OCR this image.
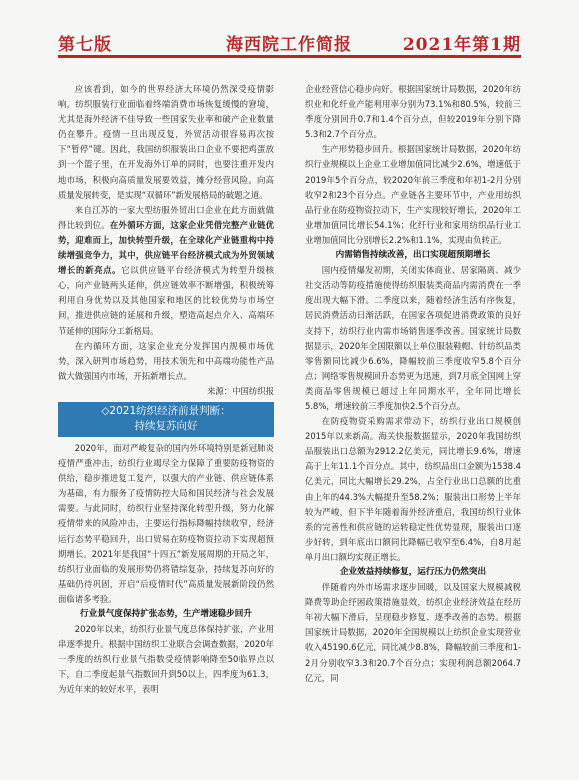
第七版	海西院工作简报	2021年第1期

应该看到，如今的世界经济大环境仍然深受疫情影响，纺织服装行业面临着终端消费市场恢复缓慢的窘境，尤其是海外经济不佳导致一些国家失业率和破产企业数量仍在攀升。疫情一旦出现反复，外贸活动很容易再次按下“暂停”键。因此，我国纺织服装出口企业不要把鸡蛋放到一个篮子里，在开发海外订单的同时，也要注重开发内地市场，积极向高质量发展要效益，摊分经营风险。向高质量发展转变，是实现“双循环”新发展格局的破题之道。

来自江苏的一家大型纺服外贸出口企业在此方面就做得比较到位。在外循环方面，这家企业凭借完整产业链优势，迎难而上，加快转型升级，在全球化产业链重构中持续增强竞争力，其中，供应链平台经济模式成为外贸领域增长的新亮点。它以供应链平台经济模式为转型升级核心，向产业链两头延伸，供应链效率不断增强，积极统筹利用自身优势以及其他国家和地区的比较优势与市场空间，推进供应链的延展和升级，塑造高起点介入、高端环节延伸的国际分工新格局。

在内循环方面，这家企业充分发挥国内规模市场优势，深入研判市场趋势，用技术领先和中高端功能性产品做大做强国内市场，开拓新增长点。

来源：中国纺织报

◇2021纺织经济前景判断：
持续复苏向好

2020年，面对严峻复杂的国内外环境特别是新冠肺炎疫情严重冲击，纺织行业竭尽全力保障了重要防疫物资的供给，稳步推进复工复产，以强大的产业链、供应链体系为基础，有力服务了疫情防控大局和国民经济与社会发展需要。与此同时，纺织行业坚持深化转型升级，努力化解疫情带来的风险冲击，主要运行指标降幅持续收窄，经济运行态势平稳回升，出口贸易在防疫物资拉动下实现超预期增长。2021年是我国“十四五”新发展周期的开局之年，纺织行业面临的发展形势仍将错综复杂，持续复苏向好的基础仍待巩固，开启“后疫情时代”高质量发展新阶段仍然面临诸多考验。

行业景气度保持扩张态势，生产增速稳步回升

2020年以来，纺织行业景气度总体保持扩张，产业用串逐季提升。根据中国纺织工业联合会调查数据，2020年一季度的纺织行业景气指数受疫情影响降至50临界点以下，自二季度起景气指数回升到50以上，四季度为61.3，为近年来的较好水平，表明

企业经营信心稳步向好。根据国家统计局数据，2020年纺织业和化纤业产能利用率分别为73.1%和80.5%，较前三季度分别回升0.7和1.4个百分点，但较2019年分别下降5.3和2.7个百分点。

生产形势稳步回升。根据国家统计局数据，2020年纺织行业规模以上企业工业增加值同比减少2.6%，增速低于2019年5个百分点，较2020年前三季度和年初1-2月分别收窄2和23个百分点。产业链各主要环节中，产业用纺织品行业在防疫物资拉动下，生产实现较好增长，2020年工业增加值同比增长54.1%；化纤行业和家用纺织品行业工业增加值同比分别增长2.2%和1.1%，实现由负转正。

内需销售持续改善，出口实现超预期增长

国内疫情爆发初期，关闭实体商业、居家隔离、减少社交活动等防疫措施使得纺织服装类商品内需消费在一季度出现大幅下滑。二季度以来，随着经济生活有序恢复，居民消费活动日渐活跃，在国家各项促进消费政策的良好支持下，纺织行业内需市场销售逐季改善。国家统计局数据显示，2020年全国限额以上单位服装鞋帽、针纺织品类零售额同比减少6.6%，降幅较前三季度收窄5.8个百分点；网络零售规模回升态势更为迅速，到7月底全国网上穿类商品零售规模已超过上年同期水平，全年同比增长5.8%，增速较前三季度加快2.5个百分点。

在防疫物资采购需求带动下，纺织行业出口规模创2015年以来新高。海关快报数据显示，2020年我国纺织品服装出口总额为2912.2亿美元，同比增长9.6%，增速高于上年11.1个百分点。其中，纺织品出口金额为1538.4亿美元，同比大幅增长29.2%，占全行业出口总额的比重由上年的44.3%大幅提升至58.2%；服装出口形势上半年较为严峻，但下半年随着海外经济重启，我国纺织行业体系的完善性和供应链的运转稳定性优势显现，服装出口逐步好转，到年底出口额同比降幅已收窄至6.4%，自8月起单月出口额均实现正增长。

企业效益持续修复，运行压力仍然突出

伴随着内外市场需求逐步回暖，以及国家大规模减税降费等助企纾困政策措施显效，纺织企业经济效益在经历年初大幅下滑后，呈现稳步修复、逐季改善的态势。根据国家统计局数据，2020年全国规模以上纺织企业实现营业收入45190.6亿元，同比减少8.8%，降幅较前三季度和1-2月分别收窄3.3和20.7个百分点；实现利润总额2064.7亿元，同
